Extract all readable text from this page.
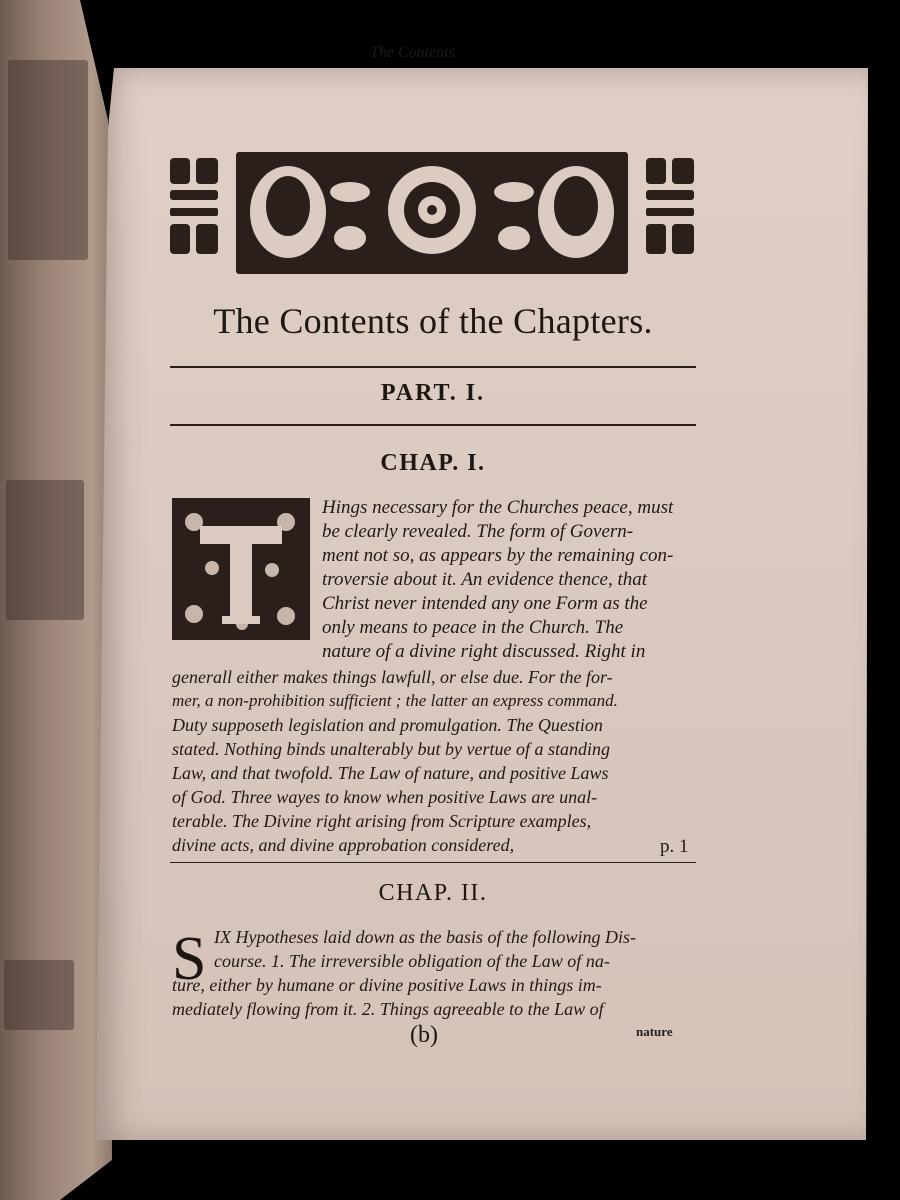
The Contents.
The Contents of the Chapters.
PART. I.
CHAP. I.
Hings necessary for the Churches peace, must
be clearly revealed. The form of Govern-
ment not so, as appears by the remaining con-
troversie about it. An evidence thence, that
Christ never intended any one Form as the
only means to peace in the Church. The
nature of a divine right discussed. Right in
generall either makes things lawfull, or else due. For the for-
mer, a non-prohibition sufficient ; the latter an express command.
Duty supposeth legislation and promulgation. The Question
stated. Nothing binds unalterably but by vertue of a standing
Law, and that twofold. The Law of nature, and positive Laws
of God. Three wayes to know when positive Laws are unal-
terable. The Divine right arising from Scripture examples,
divine acts, and divine approbation considered,	p. 1
CHAP. II.
S IX Hypotheses laid down as the basis of the following Dis-
course. 1. The irreversible obligation of the Law of na-
ture, either by humane or divine positive Laws in things im-
mediately flowing from it. 2. Things agreeable to the Law of
(b)	nature
